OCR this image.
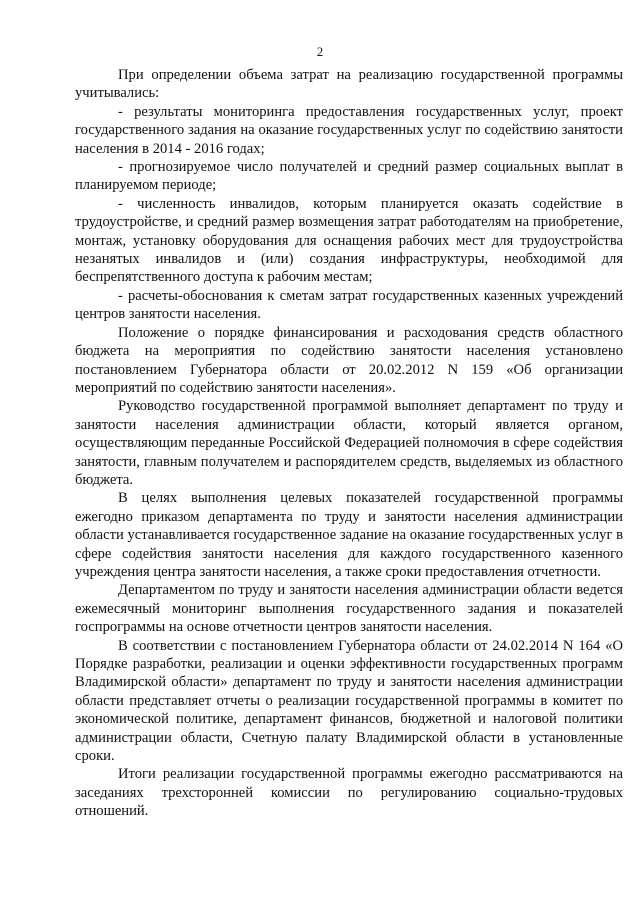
2

При определении объема затрат на реализацию государственной программы учитывались:

- результаты мониторинга предоставления государственных услуг, проект государственного задания на оказание государственных услуг по содействию занятости населения в 2014 - 2016 годах;

- прогнозируемое число получателей и средний размер социальных выплат в планируемом периоде;

- численность инвалидов, которым планируется оказать содействие в трудоустройстве, и средний размер возмещения затрат работодателям на приобретение, монтаж, установку оборудования для оснащения рабочих мест для трудоустройства незанятых инвалидов и (или) создания инфраструктуры, необходимой для беспрепятственного доступа к рабочим местам;

- расчеты-обоснования к сметам затрат государственных казенных учреждений центров занятости населения.

Положение о порядке финансирования и расходования средств областного бюджета на мероприятия по содействию занятости населения установлено постановлением Губернатора области от 20.02.2012 N 159 «Об организации мероприятий по содействию занятости населения».

Руководство государственной программой выполняет департамент по труду и занятости населения администрации области, который является органом, осуществляющим переданные Российской Федерацией полномочия в сфере содействия занятости, главным получателем и распорядителем средств, выделяемых из областного бюджета.

В целях выполнения целевых показателей государственной программы ежегодно приказом департамента по труду и занятости населения администрации области устанавливается государственное задание на оказание государственных услуг в сфере содействия занятости населения для каждого государственного казенного учреждения центра занятости населения, а также сроки предоставления отчетности.

Департаментом по труду и занятости населения администрации области ведется ежемесячный мониторинг выполнения государственного задания и показателей госпрограммы на основе отчетности центров занятости населения.

В соответствии с постановлением Губернатора области от 24.02.2014 N 164 «О Порядке разработки, реализации и оценки эффективности государственных программ Владимирской области» департамент по труду и занятости населения администрации области представляет отчеты о реализации государственной программы в комитет по экономической политике, департамент финансов, бюджетной и налоговой политики администрации области, Счетную палату Владимирской области в установленные сроки.

Итоги реализации государственной программы ежегодно рассматриваются на заседаниях трехсторонней комиссии по регулированию социально-трудовых отношений.
